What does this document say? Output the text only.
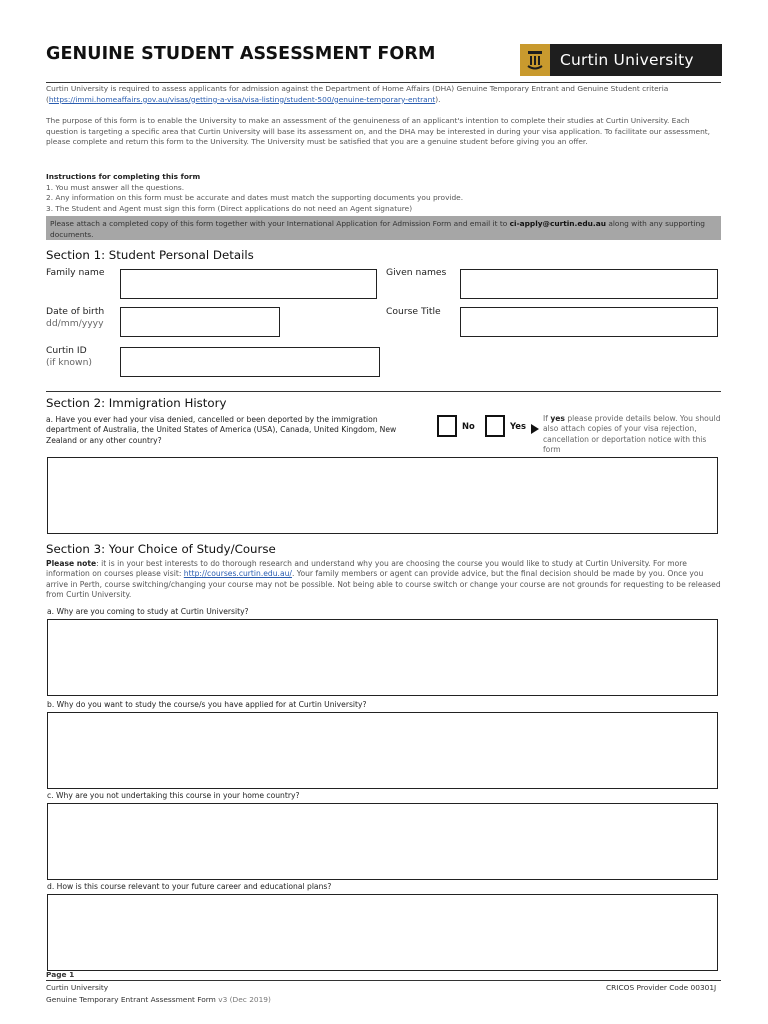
GENUINE STUDENT ASSESSMENT FORM	Curtin University
Curtin University is required to assess applicants for admission against the Department of Home Affairs (DHA) Genuine Temporary Entrant and Genuine Student criteria (https://immi.homeaffairs.gov.au/visas/getting-a-visa/visa-listing/student-500/genuine-temporary-entrant).
The purpose of this form is to enable the University to make an assessment of the genuineness of an applicant's intention to complete their studies at Curtin University. Each question is targeting a specific area that Curtin University will base its assessment on, and the DHA may be interested in during your visa application. To facilitate our assessment, please complete and return this form to the University. The University must be satisfied that you are a genuine student before giving you an offer.
Instructions for completing this form
1. You must answer all the questions.
2. Any information on this form must be accurate and dates must match the supporting documents you provide.
3. The Student and Agent must sign this form (Direct applications do not need an Agent signature)
Please attach a completed copy of this form together with your International Application for Admission Form and email it to ci-apply@curtin.edu.au along with any supporting documents.
Section 1: Student Personal Details
Family name	Given names
Date of birth
dd/mm/yyyy
Course Title
Curtin ID
(if known)
Section 2: Immigration History
a. Have you ever had your visa denied, cancelled or been deported by the immigration department of Australia, the United States of America (USA), Canada, United Kingdom, New Zealand or any other country?
No	Yes
If yes please provide details below. You should also attach copies of your visa rejection, cancellation or deportation notice with this form
Section 3: Your Choice of Study/Course
Please note: it is in your best interests to do thorough research and understand why you are choosing the course you would like to study at Curtin University. For more information on courses please visit: http://courses.curtin.edu.au/. Your family members or agent can provide advice, but the final decision should be made by you. Once you arrive in Perth, course switching/changing your course may not be possible. Not being able to course switch or change your course are not grounds for requesting to be released from Curtin University.
a. Why are you coming to study at Curtin University?
b. Why do you want to study the course/s you have applied for at Curtin University?
c. Why are you not undertaking this course in your home country?
d. How is this course relevant to your future career and educational plans?
Page 1
Curtin University
Genuine Temporary Entrant Assessment Form v3 (Dec 2019)
CRICOS Provider Code 00301J
